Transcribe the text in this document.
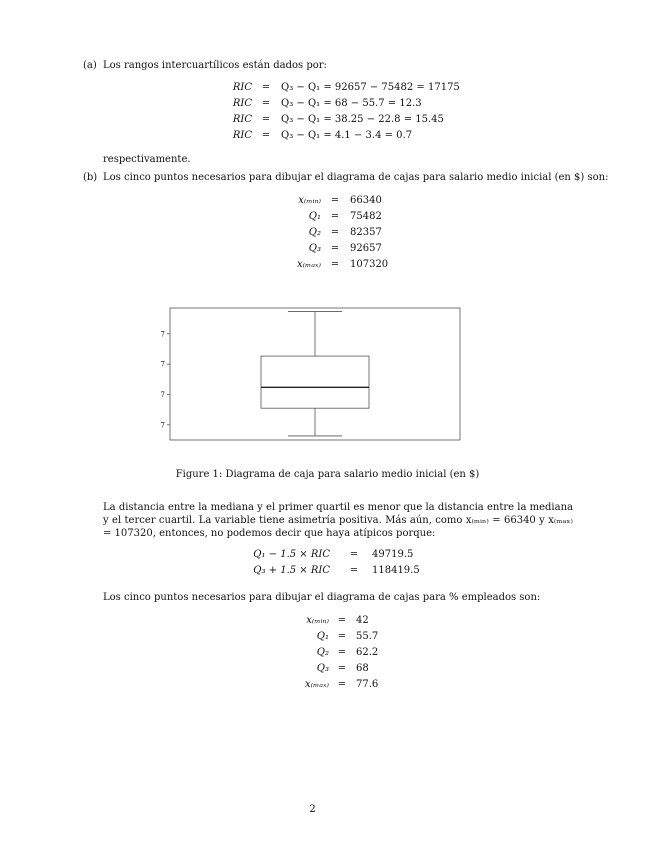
(a) Los rangos intercuartílicos están dados por:
RIC = Q₃ − Q₁ = 92657 − 75482 = 17175
RIC = Q₃ − Q₁ = 68 − 55.7 = 12.3
RIC = Q₃ − Q₁ = 38.25 − 22.8 = 15.45
RIC = Q₃ − Q₁ = 4.1 − 3.4 = 0.7
respectivamente.
(b) Los cinco puntos necesarios para dibujar el diagrama de cajas para salario medio inicial (en $) son:
x₍ₘᵢₙ₎ = 66340
Q₁ = 75482
Q₂ = 82357
Q₃ = 92657
x₍ₘₐₓ₎ = 107320
7
7
7
7
Figure 1: Diagrama de caja para salario medio inicial (en $)
La distancia entre la mediana y el primer quartil es menor que la distancia entre la mediana y el tercer cuartil. La variable tiene asimetría positiva. Más aún, como x₍ₘᵢₙ₎ = 66340 y x₍ₘₐₓ₎ = 107320, entonces, no podemos decir que haya atípicos porque:
Q₁ − 1.5 × RIC = 49719.5
Q₃ + 1.5 × RIC = 118419.5
Los cinco puntos necesarios para dibujar el diagrama de cajas para % empleados son:
x₍ₘᵢₙ₎ = 42
Q₁ = 55.7
Q₂ = 62.2
Q₃ = 68
x₍ₘₐₓ₎ = 77.6
2
